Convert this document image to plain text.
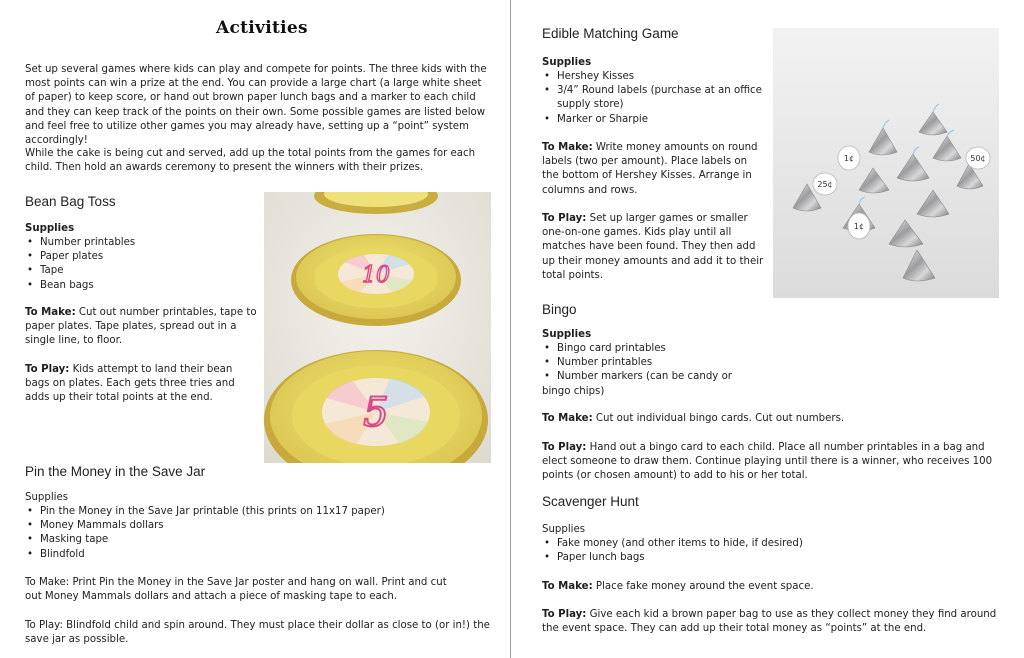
Activities

Set up several games where kids can play and compete for points. The three kids with the most points can win a prize at the end. You can provide a large chart (a large white sheet of paper) to keep score, or hand out brown paper lunch bags and a marker to each child and they can keep track of the points on their own. Some possible games are listed below and feel free to utilize other games you may already have, setting up a “point” system accordingly!

While the cake is being cut and served, add up the total points from the games for each child. Then hold an awards ceremony to present the winners with their prizes.

Bean Bag Toss
Supplies
• Number printables
• Paper plates
• Tape
• Bean bags

To Make: Cut out number printables, tape to paper plates. Tape plates, spread out in a single line, to floor.

To Play: Kids attempt to land their bean bags on plates. Each gets three tries and adds up their total points at the end.

10
5
Pin the Money in the Save Jar
Supplies
• Pin the Money in the Save Jar printable (this prints on 11x17 paper)
• Money Mammals dollars
• Masking tape
• Blindfold

To Make: Print Pin the Money in the Save Jar poster and hang on wall. Print and cut out Money Mammals dollars and attach a piece of masking tape to each.

To Play: Blindfold child and spin around. They must place their dollar as close to (or in!) the save jar as possible.

Edible Matching Game
Supplies
• Hershey Kisses
• 3/4” Round labels (purchase at an office supply store)
• Marker or Sharpie

To Make: Write money amounts on round labels (two per amount). Place labels on the bottom of Hershey Kisses. Arrange in columns and rows.

To Play: Set up larger games or smaller one-on-one games. Kids play until all matches have been found. They then add up their money amounts and add it to their total points.

1¢	50¢
25¢
1¢
Bingo
Supplies
• Bingo card printables
• Number printables
• Number markers (can be candy or
bingo chips)

To Make: Cut out individual bingo cards. Cut out numbers.

To Play: Hand out a bingo card to each child. Place all number printables in a bag and elect someone to draw them. Continue playing until there is a winner, who receives 100 points (or chosen amount) to add to his or her total.

Scavenger Hunt
Supplies
• Fake money (and other items to hide, if desired)
• Paper lunch bags

To Make: Place fake money around the event space.

To Play: Give each kid a brown paper bag to use as they collect money they find around the event space. They can add up their total money as “points” at the end.
